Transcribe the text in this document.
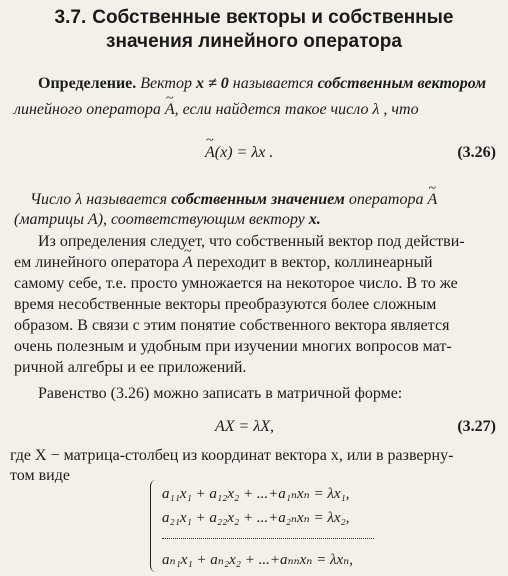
3.7. Собственные векторы и собственные
значения линейного оператора
Определение. Вектор x ≠ 0 называется собственным вектором
линейного оператора ~ A, если найдется такое число λ , что
~ A(x) = λx .	(3.26)
Число λ называется собственным значением оператора ~ A
(матрицы A), соответствующим вектору x.
Из определения следует, что собственный вектор под действи-
ем линейного оператора ~ A переходит в вектор, коллинеарный
самому себе, т.е. просто умножается на некоторое число. В то же
время несобственные векторы преобразуются более сложным
образом. В связи с этим понятие собственного вектора является
очень полезным и удобным при изучении многих вопросов мат-
ричной алгебры и ее приложений.
Равенство (3.26) можно записать в матричной форме:
AX = λX,	(3.27)
где X − матрица-столбец из координат вектора x, или в разверну-
том виде
a₁₁x₁ + a₁₂x₂ + ...+a₁ₙxₙ = λx₁,
a₂₁x₁ + a₂₂x₂ + ...+a₂ₙxₙ = λx₂,
aₙ₁x₁ + aₙ₂x₂ + ...+aₙₙxₙ = λxₙ,
